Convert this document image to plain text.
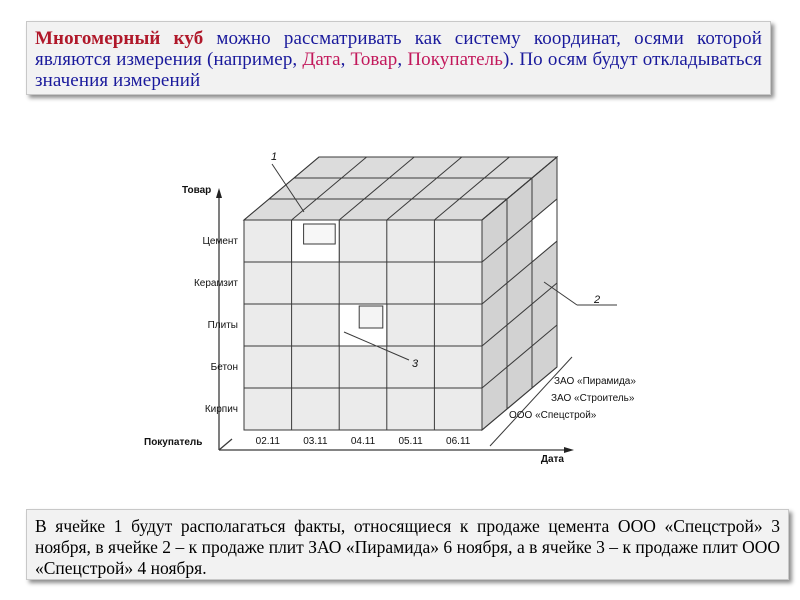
Многомерный куб можно рассматривать как систему координат, осями которой являются измерения (например, Дата, Товар, Покупатель). По осям будут откладываться значения измерений
Товар
Покупатель
Дата
Цемент
Керамзит
Плиты
Бетон
Кирпич
02.11 03.11 04.11 05.11 06.11
ЗАО «Пирамида»
ЗАО «Строитель»
ООО «Спецстрой»
1
2
3
В ячейке 1 будут располагаться факты, относящиеся к продаже цемента ООО «Спецстрой» 3 ноября, в ячейке 2 – к продаже плит ЗАО «Пирамида» 6 ноября, а в ячейке 3 – к продаже плит ООО «Спецстрой» 4 ноября.
